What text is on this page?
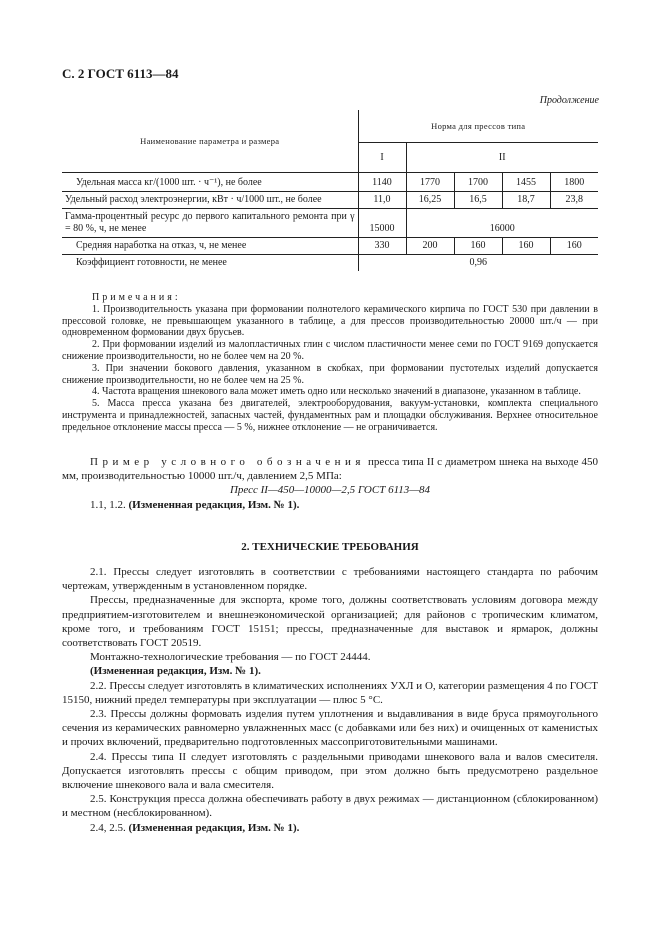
С. 2 ГОСТ 6113—84
Продолжение
Наименование параметра и размера	Норма для прессов типа				
	I	II			
Удельная масса кг/(1000 шт. · ч⁻¹), не более	1140	1770	1700	1455	1800
Удельный расход электроэнергии, кВт · ч/1000 шт., не более	11,0	16,25	16,5	18,7	23,8
Гамма-процентный ресурс до первого капитального ремонта при γ = 80 %, ч, не менее	15000	16000			
Средняя наработка на отказ, ч, не менее	330	200	160	160	160
Коэффициент готовности, не менее	0,96				

Примечания:

1. Производительность указана при формовании полнотелого керамического кирпича по ГОСТ 530 при давлении в прессовой головке, не превышающем указанного в таблице, а для прессов производительностью 20000 шт./ч — при одновременном формовании двух брусьев.

2. При формовании изделий из малопластичных глин с числом пластичности менее семи по ГОСТ 9169 допускается снижение производительности, но не более чем на 20 %.

3. При значении бокового давления, указанном в скобках, при формовании пустотелых изделий допускается снижение производительности, но не более чем на 25 %.

4. Частота вращения шнекового вала может иметь одно или несколько значений в диапазоне, указанном в таблице.

5. Масса пресса указана без двигателей, электрооборудования, вакуум-установки, комплекта специального инструмента и принадлежностей, запасных частей, фундаментных рам и площадки обслуживания. Верхнее относительное предельное отклонение массы пресса — 5 %, нижнее отклонение — не ограничивается.

Пример условного обозначения пресса типа II с диаметром шнека на выходе 450 мм, производительностью 10000 шт./ч, давлением 2,5 МПа:

Пресс II—450—10000—2,5 ГОСТ 6113—84

1.1, 1.2. (Измененная редакция, Изм. № 1).

2. ТЕХНИЧЕСКИЕ ТРЕБОВАНИЯ

2.1. Прессы следует изготовлять в соответствии с требованиями настоящего стандарта по рабочим чертежам, утвержденным в установленном порядке.

Прессы, предназначенные для экспорта, кроме того, должны соответствовать условиям договора между предприятием-изготовителем и внешнеэкономической организацией; для районов с тропическим климатом, кроме того, и требованиям ГОСТ 15151; прессы, предназначенные для выставок и ярмарок, должны соответствовать ГОСТ 20519.

Монтажно-технологические требования — по ГОСТ 24444.

(Измененная редакция, Изм. № 1).

2.2. Прессы следует изготовлять в климатических исполнениях УХЛ и О, категории размещения 4 по ГОСТ 15150, нижний предел температуры при эксплуатации — плюс 5 °С.

2.3. Прессы должны формовать изделия путем уплотнения и выдавливания в виде бруса прямоугольного сечения из керамических равномерно увлажненных масс (с добавками или без них) и очищенных от каменистых и прочих включений, предварительно подготовленных массоприготовительными машинами.

2.4. Прессы типа II следует изготовлять с раздельными приводами шнекового вала и валов смесителя. Допускается изготовлять прессы с общим приводом, при этом должно быть предусмотрено раздельное включение шнекового вала и вала смесителя.

2.5. Конструкция пресса должна обеспечивать работу в двух режимах — дистанционном (сблокированном) и местном (несблокированном).

2.4, 2.5. (Измененная редакция, Изм. № 1).
